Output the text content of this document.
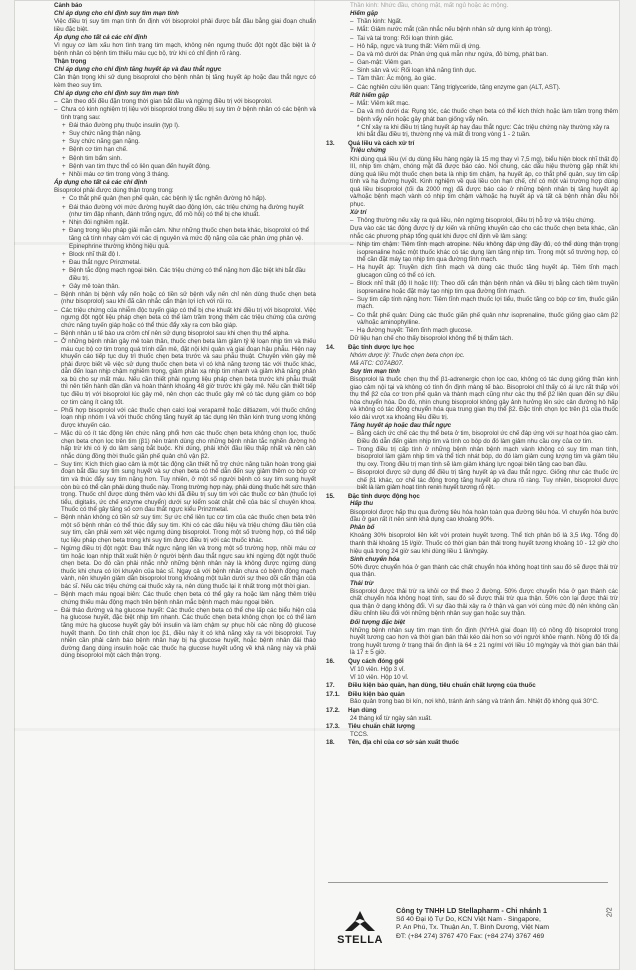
Cảnh báo
Chỉ áp dụng cho chỉ định suy tim mạn tính
Việc điều trị suy tim mạn tính ổn định với bisoprolol phải được bắt đầu bằng giai đoạn chuẩn liều đặc biệt.
Áp dụng cho tất cả các chỉ định
Vì nguy cơ làm xấu hơn tình trạng tim mạch, không nên ngưng thuốc đột ngột đặc biệt là ở bệnh nhân có bệnh tim thiếu máu cục bộ, trừ khi có chỉ định rõ ràng.
Thận trọng
Chỉ áp dụng cho chỉ định tăng huyết áp và đau thắt ngực
Cần thận trọng khi sử dụng bisoprolol cho bệnh nhân bị tăng huyết áp hoặc đau thắt ngực có kèm theo suy tim.
Chỉ áp dụng cho chỉ định suy tim mạn tính
– Cần theo dõi đều đặn trong thời gian bắt đầu và ngừng điều trị với bisoprolol.
– Chưa có kinh nghiệm trị liệu với bisoprolol trong điều trị suy tim ở bệnh nhân có các bệnh và tình trạng sau:
+ Đái tháo đường phụ thuộc insulin (typ I).
+ Suy chức năng thận nặng.
+ Suy chức năng gan nặng.
+ Bệnh cơ tim hạn chế.
+ Bệnh tim bẩm sinh.
+ Bệnh van tim thực thể có liên quan đến huyết động.
+ Nhồi máu cơ tim trong vòng 3 tháng.
Áp dụng cho tất cả các chỉ định
Bisoprolol phải được dùng thận trọng trong:
+ Co thắt phế quản (hen phế quản, các bệnh lý tắc nghẽn đường hô hấp).
+ Đái tháo đường với mức đường huyết dao động lớn, các triệu chứng hạ đường huyết (như tim đập nhanh, đánh trống ngực, đổ mồ hôi) có thể bị che khuất.
+ Nhịn đói nghiêm ngặt.
+ Đang trong liệu pháp giải mẫn cảm. Như những thuốc chẹn beta khác, bisoprolol có thể tăng cả tính nhạy cảm với các dị nguyên và mức độ nặng của các phản ứng phản vệ. Epinephrine thường không hiệu quả.
+ Block nhĩ thất độ I.
+ Đau thắt ngực Prinzmetal.
+ Bệnh tắc động mạch ngoại biên. Các triệu chứng có thể nặng hơn đặc biệt khi bắt đầu điều trị.
+ Gây mê toàn thân.
– Bệnh nhân bị bệnh vẩy nến hoặc có tiền sử bệnh vẩy nến chỉ nên dùng thuốc chẹn beta (như bisoprolol) sau khi đã cân nhắc cẩn thận lợi ích với rủi ro.
– Các triệu chứng của nhiễm độc tuyến giáp có thể bị che khuất khi điều trị với bisoprolol. Việc ngưng đột ngột liệu pháp chẹn beta có thể làm trầm trọng thêm các triệu chứng của cường chức năng tuyến giáp hoặc có thể thúc đẩy xảy ra cơn bão giáp.
– Bệnh nhân u tế bào ưa crôm chỉ nên sử dụng bisoprolol sau khi chẹn thụ thể alpha.
– Ở những bệnh nhân gây mê toàn thân, thuốc chẹn beta làm giảm tỷ lệ loạn nhịp tim và thiếu máu cục bộ cơ tim trong quá trình dẫn mê, đặt nội khí quản và giai đoạn hậu phẫu. Hiện nay khuyến cáo tiếp tục duy trì thuốc chẹn beta trước và sau phẫu thuật. Chuyên viên gây mê phải được biết về việc sử dụng thuốc chẹn beta vì có khả năng tương tác với thuốc khác, dẫn đến loạn nhịp chậm nghiêm trọng, giảm phản xạ nhịp tim nhanh và giảm khả năng phản xạ bù cho sự mất máu. Nếu cần thiết phải ngưng liệu pháp chẹn beta trước khi phẫu thuật thì nên tiến hành dần dần và hoàn thành khoảng 48 giờ trước khi gây mê. Nếu cần thiết tiếp tục điều trị với bisoprolol lúc gây mê, nên chọn các thuốc gây mê có tác dụng giảm co bóp cơ tim càng ít càng tốt.
– Phối hợp bisoprolol với các thuốc chẹn calci loại verapamil hoặc diltiazem, với thuốc chống loạn nhịp nhóm I và với thuốc chống tăng huyết áp tác dụng lên thần kinh trung ương không được khuyến cáo.
– Mặc dù có ít tác động lên chức năng phổi hơn các thuốc chẹn beta không chọn lọc, thuốc chẹn beta chọn lọc trên tim (β1) nên tránh dùng cho những bệnh nhân tắc nghẽn đường hô hấp trừ khi có lý do lâm sàng bắt buộc. Khi dùng, phải khởi đầu liều thấp nhất và nên cân nhắc dùng đồng thời thuốc giãn phế quản chủ vận β2.
– Suy tim: Kích thích giao cảm là một tác động cần thiết hỗ trợ chức năng tuần hoàn trong giai đoạn bắt đầu suy tim sung huyết và sự chẹn beta có thể dẫn đến suy giảm thêm co bóp cơ tim và thúc đẩy suy tim nặng hơn. Tuy nhiên, ở một số người bệnh có suy tim sung huyết còn bù có thể cần phải dùng thuốc này. Trong trường hợp này, phải dùng thuốc hết sức thận trọng. Thuốc chỉ được dùng thêm vào khi đã điều trị suy tim với các thuốc cơ bản (thuốc lợi tiểu, digitalis, ức chế enzyme chuyển) dưới sự kiểm soát chặt chẽ của bác sĩ chuyên khoa. Thuốc có thể gây tăng số cơn đau thắt ngực kiểu Prinzmetal.
– Bệnh nhân không có tiền sử suy tim: Sự ức chế liên tục cơ tim của các thuốc chẹn beta trên một số bệnh nhân có thể thúc đẩy suy tim. Khi có các dấu hiệu và triệu chứng đầu tiên của suy tim, cần phải xem xét việc ngưng dùng bisoprolol. Trong một số trường hợp, có thể tiếp tục liệu pháp chẹn beta trong khi suy tim được điều trị với các thuốc khác.
– Ngừng điều trị đột ngột: Đau thắt ngực nặng lên và trong một số trường hợp, nhồi máu cơ tim hoặc loạn nhịp thất xuất hiện ở người bệnh đau thắt ngực sau khi ngừng đột ngột thuốc chẹn beta. Do đó cần phải nhắc nhở những bệnh nhân này là không được ngừng dùng thuốc khi chưa có lời khuyên của bác sĩ. Ngay cả với bệnh nhân chưa có bệnh động mạch vành, nên khuyên giảm dần bisoprolol trong khoảng một tuần dưới sự theo dõi cẩn thận của bác sĩ. Nếu các triệu chứng cai thuốc xảy ra, nên dùng thuốc lại ít nhất trong một thời gian.
– Bệnh mạch máu ngoại biên: Các thuốc chẹn beta có thể gây ra hoặc làm nặng thêm triệu chứng thiếu máu động mạch trên bệnh nhân mắc bệnh mạch máu ngoại biên.
– Đái tháo đường và hạ glucose huyết: Các thuốc chẹn beta có thể che lấp các biểu hiện của hạ glucose huyết, đặc biệt nhịp tim nhanh. Các thuốc chẹn beta không chọn lọc có thể làm tăng mức hạ glucose huyết gây bởi insulin và làm chậm sự phục hồi các nồng độ glucose huyết thanh. Do tính chất chọn lọc β1, điều này ít có khả năng xảy ra với bisoprolol. Tuy nhiên cần phải cảnh báo bệnh nhân hay bị hạ glucose huyết, hoặc bệnh nhân đái tháo đường đang dùng insulin hoặc các thuốc hạ glucose huyết uống về khả năng này và phải dùng bisoprolol một cách thận trọng.
Thần kinh: Nhức đầu, chóng mặt, mất ngủ hoặc ác mộng.
Hiếm gặp
– Thần kinh: Ngất.
– Mắt: Giảm nước mắt (cần nhắc nếu bệnh nhân sử dụng kính áp tròng).
– Tai và tai trong: Rối loạn thính giác.
– Hô hấp, ngực và trung thất: Viêm mũi dị ứng.
– Da và mô dưới da: Phản ứng quá mẫn như ngứa, đỏ bừng, phát ban.
– Gan-mật: Viêm gan.
– Sinh sản và vú: Rối loạn khả năng tình dục.
– Tâm thần: Ác mộng, ảo giác.
– Các nghiên cứu liên quan: Tăng triglyceride, tăng enzyme gan (ALT, AST).
Rất hiếm gặp
– Mắt: Viêm kết mạc.
– Da và mô dưới da: Rụng tóc, các thuốc chẹn beta có thể kích thích hoặc làm trầm trọng thêm bệnh vẩy nến hoặc gây phát ban giống vẩy nến.
* Chỉ xảy ra khi điều trị tăng huyết áp hay đau thắt ngực: Các triệu chứng này thường xảy ra khi bắt đầu điều trị, thường nhẹ và mất đi trong vòng 1 - 2 tuần.
13.	Quá liều và cách xử trí
Triệu chứng
Khi dùng quá liều (ví dụ dùng liều hàng ngày là 15 mg thay vì 7,5 mg), biểu hiện block nhĩ thất độ III, nhịp tim chậm, chóng mặt đã được báo cáo. Nói chung, các dấu hiệu thường gặp nhất khi dùng quá liều một thuốc chẹn beta là nhịp tim chậm, hạ huyết áp, co thắt phế quản, suy tim cấp tính và hạ đường huyết. Kinh nghiệm về quá liều còn hạn chế, chỉ có một vài trường hợp dùng quá liều bisoprolol (tối đa 2000 mg) đã được báo cáo ở những bệnh nhân bị tăng huyết áp và/hoặc bệnh mạch vành có nhịp tim chậm và/hoặc hạ huyết áp và tất cả bệnh nhân đều hồi phục.
Xử trí
– Thông thường nếu xảy ra quá liều, nên ngừng bisoprolol, điều trị hỗ trợ và triệu chứng.
Dựa vào các tác động được lý dự kiến và những khuyến cáo cho các thuốc chẹn beta khác, cần nhắc các phương pháp tổng quát khi được chỉ định về lâm sàng:
– Nhịp tim chậm: Tiêm tĩnh mạch atropine. Nếu không đáp ứng đầy đủ, có thể dùng thận trọng isoprenaline hoặc một thuốc khác có tác dụng làm tăng nhịp tim. Trong một số trường hợp, có thể cần đặt máy tạo nhịp tim qua đường tĩnh mạch.
– Hạ huyết áp: Truyền dịch tĩnh mạch và dùng các thuốc tăng huyết áp. Tiêm tĩnh mạch glucagon cũng có thể có ích.
– Block nhĩ thất (độ II hoặc III): Theo dõi cẩn thận bệnh nhân và điều trị bằng cách tiêm truyền isoprenaline hoặc đặt máy tạo nhịp tim qua đường tĩnh mạch.
– Suy tim cấp tính nặng hơn: Tiêm tĩnh mạch thuốc lợi tiểu, thuốc tăng co bóp cơ tim, thuốc giãn mạch.
– Co thắt phế quản: Dùng các thuốc giãn phế quản như isoprenaline, thuốc giống giao cảm β2 và/hoặc aminophylline.
– Hạ đường huyết: Tiêm tĩnh mạch glucose.
Dữ liệu hạn chế cho thấy bisoprolol không thể bị thẩm tách.
14.	Đặc tính dược lực học
Nhóm dược lý: Thuốc chẹn beta chọn lọc.
Mã ATC: C07AB07.
Suy tim mạn tính
Bisoprolol là thuốc chẹn thụ thể β1-adrenergic chọn lọc cao, không có tác dụng giống thần kinh giao cảm nội tại và không có tính ổn định màng tế bào. Bisoprolol chỉ thấy có ái lực rất thấp với thụ thể β2 của cơ trơn phế quản và thành mạch cũng như các thụ thể β2 liên quan đến sự điều hòa chuyển hóa. Do đó, nhìn chung bisoprolol không gây ảnh hưởng lên sức cản đường hô hấp và không có tác động chuyển hóa qua trung gian thụ thể β2. Đặc tính chọn lọc trên β1 của thuốc kéo dài vượt xa khoảng liều điều trị.
Tăng huyết áp hoặc đau thắt ngực
– Bằng cách ức chế các thụ thể beta ở tim, bisoprolol ức chế đáp ứng với sự hoạt hóa giao cảm. Điều đó dẫn đến giảm nhịp tim và tính co bóp do đó làm giảm nhu cầu oxy của cơ tim.
– Trong điều trị cấp tính ở những bệnh nhân bệnh mạch vành không có suy tim mạn tính, bisoprolol làm giảm nhịp tim và thể tích nhát bóp, do đó làm giảm cung lượng tim và giảm tiêu thụ oxy. Trong điều trị mạn tính sẽ làm giảm kháng lực ngoại biên tăng cao ban đầu.
– Bisoprolol được sử dụng để điều trị tăng huyết áp và đau thắt ngực. Giống như các thuốc ức chế β1 khác, cơ chế tác động trong tăng huyết áp chưa rõ ràng. Tuy nhiên, bisoprolol được biết là làm giảm hoạt tính renin huyết tương rõ rệt.
15.	Đặc tính dược động học
Hấp thu
Bisoprolol được hấp thu qua đường tiêu hóa hoàn toàn qua đường tiêu hóa. Vì chuyển hóa bước đầu ở gan rất ít nên sinh khả dụng cao khoảng 90%.
Phân bố
Khoảng 30% bisoprolol liên kết với protein huyết tương. Thể tích phân bố là 3,5 l/kg. Tổng độ thanh thải khoảng 15 l/giờ. Thuốc có thời gian bán thải trong huyết tương khoảng 10 - 12 giờ cho hiệu quả trong 24 giờ sau khi dùng liều 1 lần/ngày.
Sinh chuyển hóa
50% được chuyển hóa ở gan thành các chất chuyển hóa không hoạt tính sau đó sẽ được thải trừ qua thận.
Thải trừ
Bisoprolol được thải trừ ra khỏi cơ thể theo 2 đường. 50% được chuyển hóa ở gan thành các chất chuyển hóa không hoạt tính, sau đó sẽ được thải trừ qua thận. 50% còn lại được thải trừ qua thận ở dạng không đổi. Vì sự đào thải xảy ra ở thận và gan với cùng mức độ nên không cần điều chỉnh liều đối với những bệnh nhân suy gan hoặc suy thận.
Đối tượng đặc biệt
Những bệnh nhân suy tim mạn tính ổn định (NYHA giai đoạn III) có nồng độ bisoprolol trong huyết tương cao hơn và thời gian bán thải kéo dài hơn so với người khỏe mạnh. Nồng độ tối đa trong huyết tương ở trạng thái ổn định là 64 ± 21 ng/ml với liều 10 mg/ngày và thời gian bán thải là 17 ± 5 giờ.
16.	Quy cách đóng gói
Vỉ 10 viên. Hộp 3 vỉ.
Vỉ 10 viên. Hộp 10 vỉ.
17.	Điều kiện bảo quản, hạn dùng, tiêu chuẩn chất lượng của thuốc
17.1.	Điều kiện bảo quản
Bảo quản trong bao bì kín, nơi khô, tránh ánh sáng và tránh ẩm. Nhiệt độ không quá 30°C.
17.2.	Hạn dùng
24 tháng kể từ ngày sản xuất.
17.3.	Tiêu chuẩn chất lượng
TCCS.
18.	Tên, địa chỉ của cơ sở sản xuất thuốc
STELLA
Công ty TNHH LD Stellapharm - Chi nhánh 1
Số 40 Đại lộ Tự Do, KCN Việt Nam - Singapore,
P. An Phú, Tx. Thuận An, T. Bình Dương, Việt Nam
ĐT: (+84 274) 3767 470 Fax: (+84 274) 3767 469
2/2
